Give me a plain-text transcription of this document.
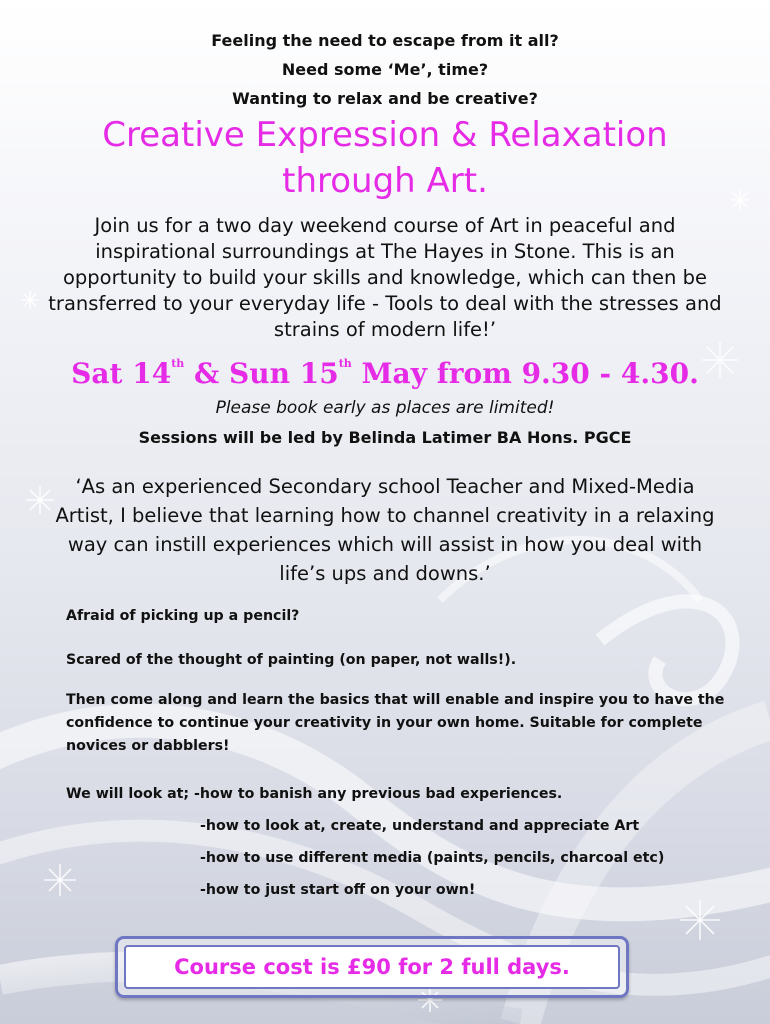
Feeling the need to escape from it all?
Need some ‘Me’, time?
Wanting to relax and be creative?
Creative Expression & Relaxation
through Art.
Join us for a two day weekend course of Art in peaceful and inspirational surroundings at The Hayes in Stone. This is an opportunity to build your skills and knowledge, which can then be transferred to your everyday life - Tools to deal with the stresses and strains of modern life!’
Sat 14th & Sun 15th May from 9.30 - 4.30.
Please book early as places are limited!
Sessions will be led by Belinda Latimer BA Hons. PGCE
‘As an experienced Secondary school Teacher and Mixed-Media Artist, I believe that learning how to channel creativity in a relaxing way can instill experiences which will assist in how you deal with life’s ups and downs.’
Afraid of picking up a pencil?
Scared of the thought of painting (on paper, not walls!).
Then come along and learn the basics that will enable and inspire you to have the confidence to continue your creativity in your own home. Suitable for complete novices or dabblers!
We will look at; -how to banish any previous bad experiences.
-how to look at, create, understand and appreciate Art
-how to use different media (paints, pencils, charcoal etc)
-how to just start off on your own!
Course cost is £90 for 2 full days.
